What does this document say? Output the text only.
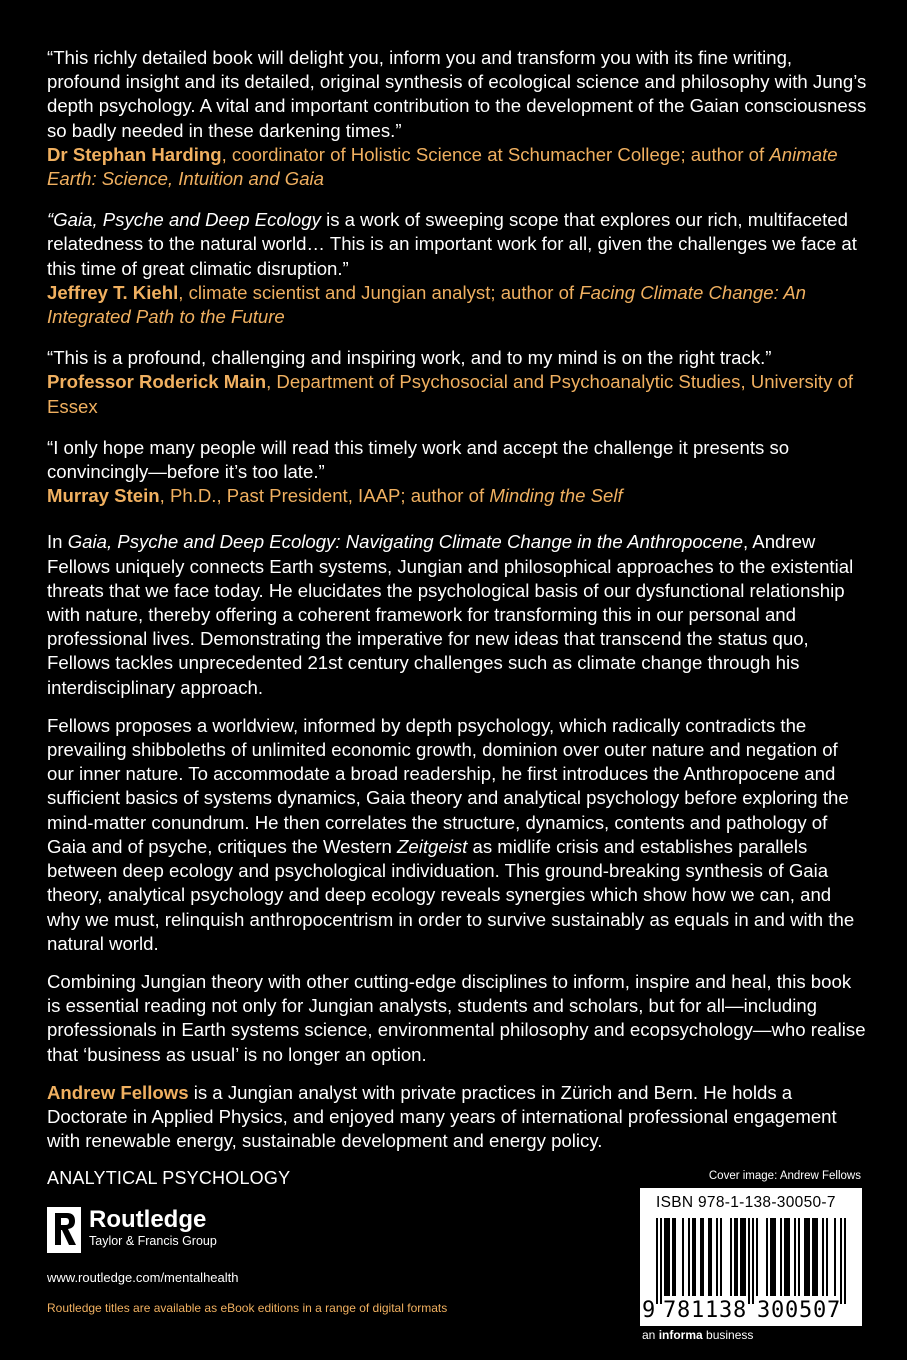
“This richly detailed book will delight you, inform you and transform you with its fine writing, profound insight and its detailed, original synthesis of ecological science and philosophy with Jung’s depth psychology. A vital and important contribution to the development of the Gaian consciousness so badly needed in these darkening times.”

Dr Stephan Harding, coordinator of Holistic Science at Schumacher College; author of Animate Earth: Science, Intuition and Gaia

“Gaia, Psyche and Deep Ecology is a work of sweeping scope that explores our rich, multifaceted relatedness to the natural world… This is an important work for all, given the challenges we face at this time of great climatic disruption.”

Jeffrey T. Kiehl, climate scientist and Jungian analyst; author of Facing Climate Change: An Integrated Path to the Future

“This is a profound, challenging and inspiring work, and to my mind is on the right track.”

Professor Roderick Main, Department of Psychosocial and Psychoanalytic Studies, University of Essex

“I only hope many people will read this timely work and accept the challenge it presents so convincingly—before it’s too late.”

Murray Stein, Ph.D., Past President, IAAP; author of Minding the Self

In Gaia, Psyche and Deep Ecology: Navigating Climate Change in the Anthropocene, Andrew Fellows uniquely connects Earth systems, Jungian and philosophical approaches to the existential threats that we face today. He elucidates the psychological basis of our dysfunctional relationship with nature, thereby offering a coherent framework for transforming this in our personal and professional lives. Demonstrating the imperative for new ideas that transcend the status quo, Fellows tackles unprecedented 21st century challenges such as climate change through his interdisciplinary approach.

Fellows proposes a worldview, informed by depth psychology, which radically contradicts the prevailing shibboleths of unlimited economic growth, dominion over outer nature and negation of our inner nature. To accommodate a broad readership, he first introduces the Anthropocene and sufficient basics of systems dynamics, Gaia theory and analytical psychology before exploring the mind-matter conundrum. He then correlates the structure, dynamics, contents and pathology of Gaia and of psyche, critiques the Western Zeitgeist as midlife crisis and establishes parallels between deep ecology and psychological individuation. This ground-breaking synthesis of Gaia theory, analytical psychology and deep ecology reveals synergies which show how we can, and why we must, relinquish anthropocentrism in order to survive sustainably as equals in and with the natural world.

Combining Jungian theory with other cutting-edge disciplines to inform, inspire and heal, this book is essential reading not only for Jungian analysts, students and scholars, but for all—including professionals in Earth systems science, environmental philosophy and ecopsychology—who realise that ‘business as usual’ is no longer an option.

Andrew Fellows is a Jungian analyst with private practices in Zürich and Bern. He holds a Doctorate in Applied Physics, and enjoyed many years of international professional engagement with renewable energy, sustainable development and energy policy.

ANALYTICAL PSYCHOLOGY
Routledge
Taylor & Francis Group
www.routledge.com/mentalhealth
Routledge titles are available as eBook editions in a range of digital formats
Cover image: Andrew Fellows
ISBN 978-1-138-30050-7
9 7 8 1 1 3 8 3 0 0 5 0 7
an informa business
